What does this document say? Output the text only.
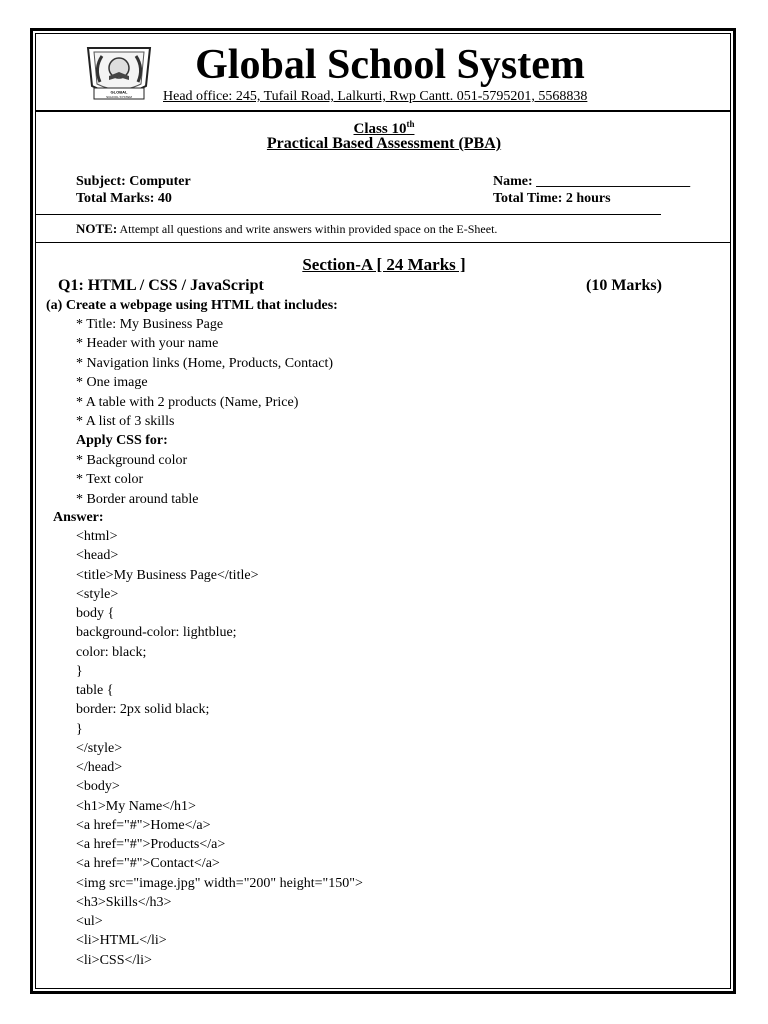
GLOBAL
SCHOOL SYSTEM
Global School System
Head office: 245, Tufail Road, Lalkurti, Rwp Cantt. 051-5795201, 5568838
Class 10th
Practical Based Assessment (PBA)
Subject: Computer
Total Marks: 40
Name: ______________________
Total Time: 2 hours
NOTE: Attempt all questions and write answers within provided space on the E-Sheet.
Section-A [ 24 Marks ]
Q1: HTML / CSS / JavaScript	(10 Marks)
(a) Create a webpage using HTML that includes:
* Title: My Business Page
* Header with your name
* Navigation links (Home, Products, Contact)
* One image
* A table with 2 products (Name, Price)
* A list of 3 skills
Apply CSS for:
* Background color
* Text color
* Border around table
Answer:
<html>
<head>
<title>My Business Page</title>
<style>
body {
background-color: lightblue;
color: black;
}
table {
border: 2px solid black;
}
</style>
</head>
<body>
<h1>My Name</h1>
<a href="#">Home</a>
<a href="#">Products</a>
<a href="#">Contact</a>
<img src="image.jpg" width="200" height="150">
<h3>Skills</h3>
<ul>
<li>HTML</li>
<li>CSS</li>
